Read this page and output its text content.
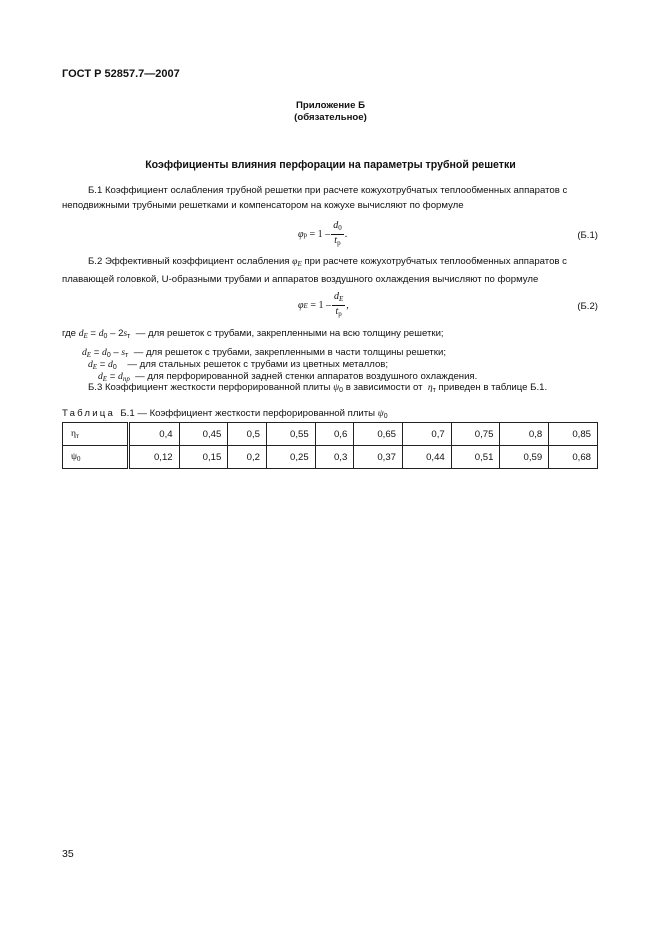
ГОСТ Р 52857.7—2007
Приложение Б
(обязательное)
Коэффициенты влияния перфорации на параметры трубной решетки
Б.1 Коэффициент ослабления трубной решетки при расчете кожухотрубчатых теплообменных аппаратов с
неподвижными трубными решетками и компенсатором на кожухе вычисляют по формуле
φ $p = 1 - \frac{d_0}{t_p}$ .	(Б.1)
Б.2 Эффективный коэффициент ослабления $\varphi_E$ при расчете кожухотрубчатых теплообменных аппаратов с
плавающей головкой, U-образными трубами и аппаратов воздушного охлаждения вычисляют по формуле
φ $E = 1 - \frac{d_E}{t_p}$ ,	(Б.2)
где $d_E = d_0 - 2s_т$ — для решеток с трубами, закрепленными на всю толщину решетки;
$d_E = d_0 - s_т$ — для решеток с трубами, закрепленными в части толщины решетки;
$d_E = d_0$ — для стальных решеток с трубами из цветных металлов;
$d_E = d_{пр}$ — для перфорированной задней стенки аппаратов воздушного охлаждения.
Б.3 Коэффициент жесткости перфорированной плиты $\psi_0$ в зависимости от $\eta_т$ приведен в таблице Б.1.
Таблица Б.1 — Коэффициент жесткости перфорированной плиты $\psi_0$
$\eta_т$	0,4	0,45	0,5	0,55	0,6	0,65	0,7	0,75	0,8	0,85
$\psi_0$	0,12	0,15	0,2	0,25	0,3	0,37	0,44	0,51	0,59	0,68
35
